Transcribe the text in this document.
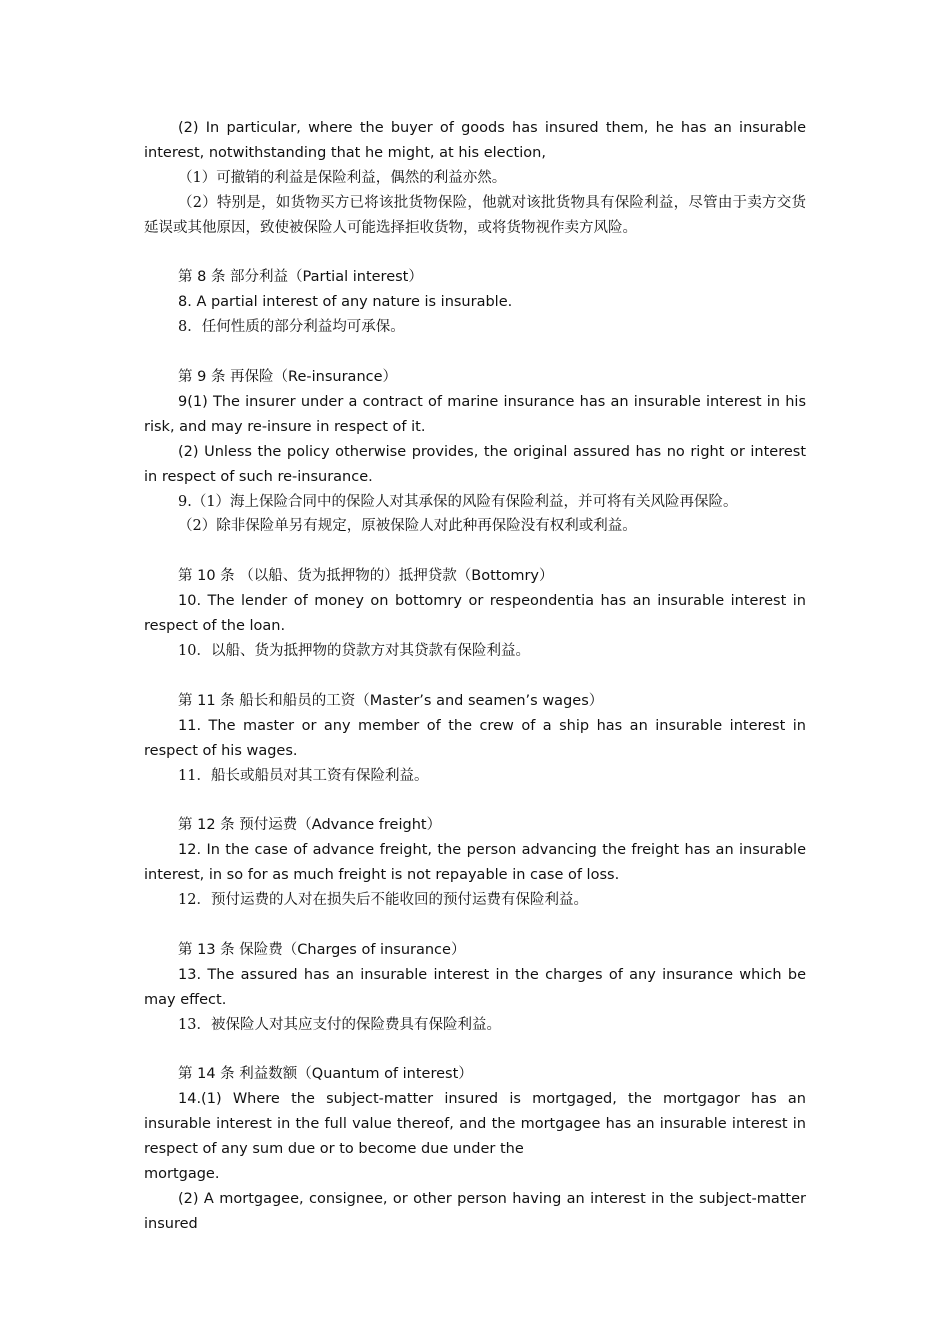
(2) In particular, where the buyer of goods has insured them, he has an insurable interest, notwithstanding that he might, at his election,

（1）可撤销的利益是保险利益，偶然的利益亦然。

（2）特别是，如货物买方已将该批货物保险，他就对该批货物具有保险利益，尽管由于卖方交货延误或其他原因，致使被保险人可能选择拒收货物，或将货物视作卖方风险。

第 8 条 部分利益（Partial interest）

8. A partial interest of any nature is insurable.

8．任何性质的部分利益均可承保。

第 9 条 再保险（Re-insurance）

9(1) The insurer under a contract of marine insurance has an insurable interest in his risk, and may re-insure in respect of it.

(2) Unless the policy otherwise provides, the original assured has no right or interest in respect of such re-insurance.

9.（1）海上保险合同中的保险人对其承保的风险有保险利益，并可将有关风险再保险。

（2）除非保险单另有规定，原被保险人对此种再保险没有权利或利益。

第 10 条 （以船、货为抵押物的）抵押贷款（Bottomry）

10. The lender of money on bottomry or respeondentia has an insurable interest in respect of the loan.

10．以船、货为抵押物的贷款方对其贷款有保险利益。

第 11 条 船长和船员的工资（Master’s and seamen’s wages）

11. The master or any member of the crew of a ship has an insurable interest in respect of his wages.

11．船长或船员对其工资有保险利益。

第 12 条 预付运费（Advance freight）

12. In the case of advance freight, the person advancing the freight has an insurable interest, in so for as much freight is not repayable in case of loss.

12．预付运费的人对在损失后不能收回的预付运费有保险利益。

第 13 条 保险费（Charges of insurance）

13. The assured has an insurable interest in the charges of any insurance which be may effect.

13．被保险人对其应支付的保险费具有保险利益。

第 14 条 利益数额（Quantum of interest）

14.(1) Where the subject-matter insured is mortgaged, the mortgagor has an insurable interest in the full value thereof, and the mortgagee has an insurable interest in respect of any sum due or to become due under the

mortgage.

(2) A mortgagee, consignee, or other person having an interest in the subject-matter insured
